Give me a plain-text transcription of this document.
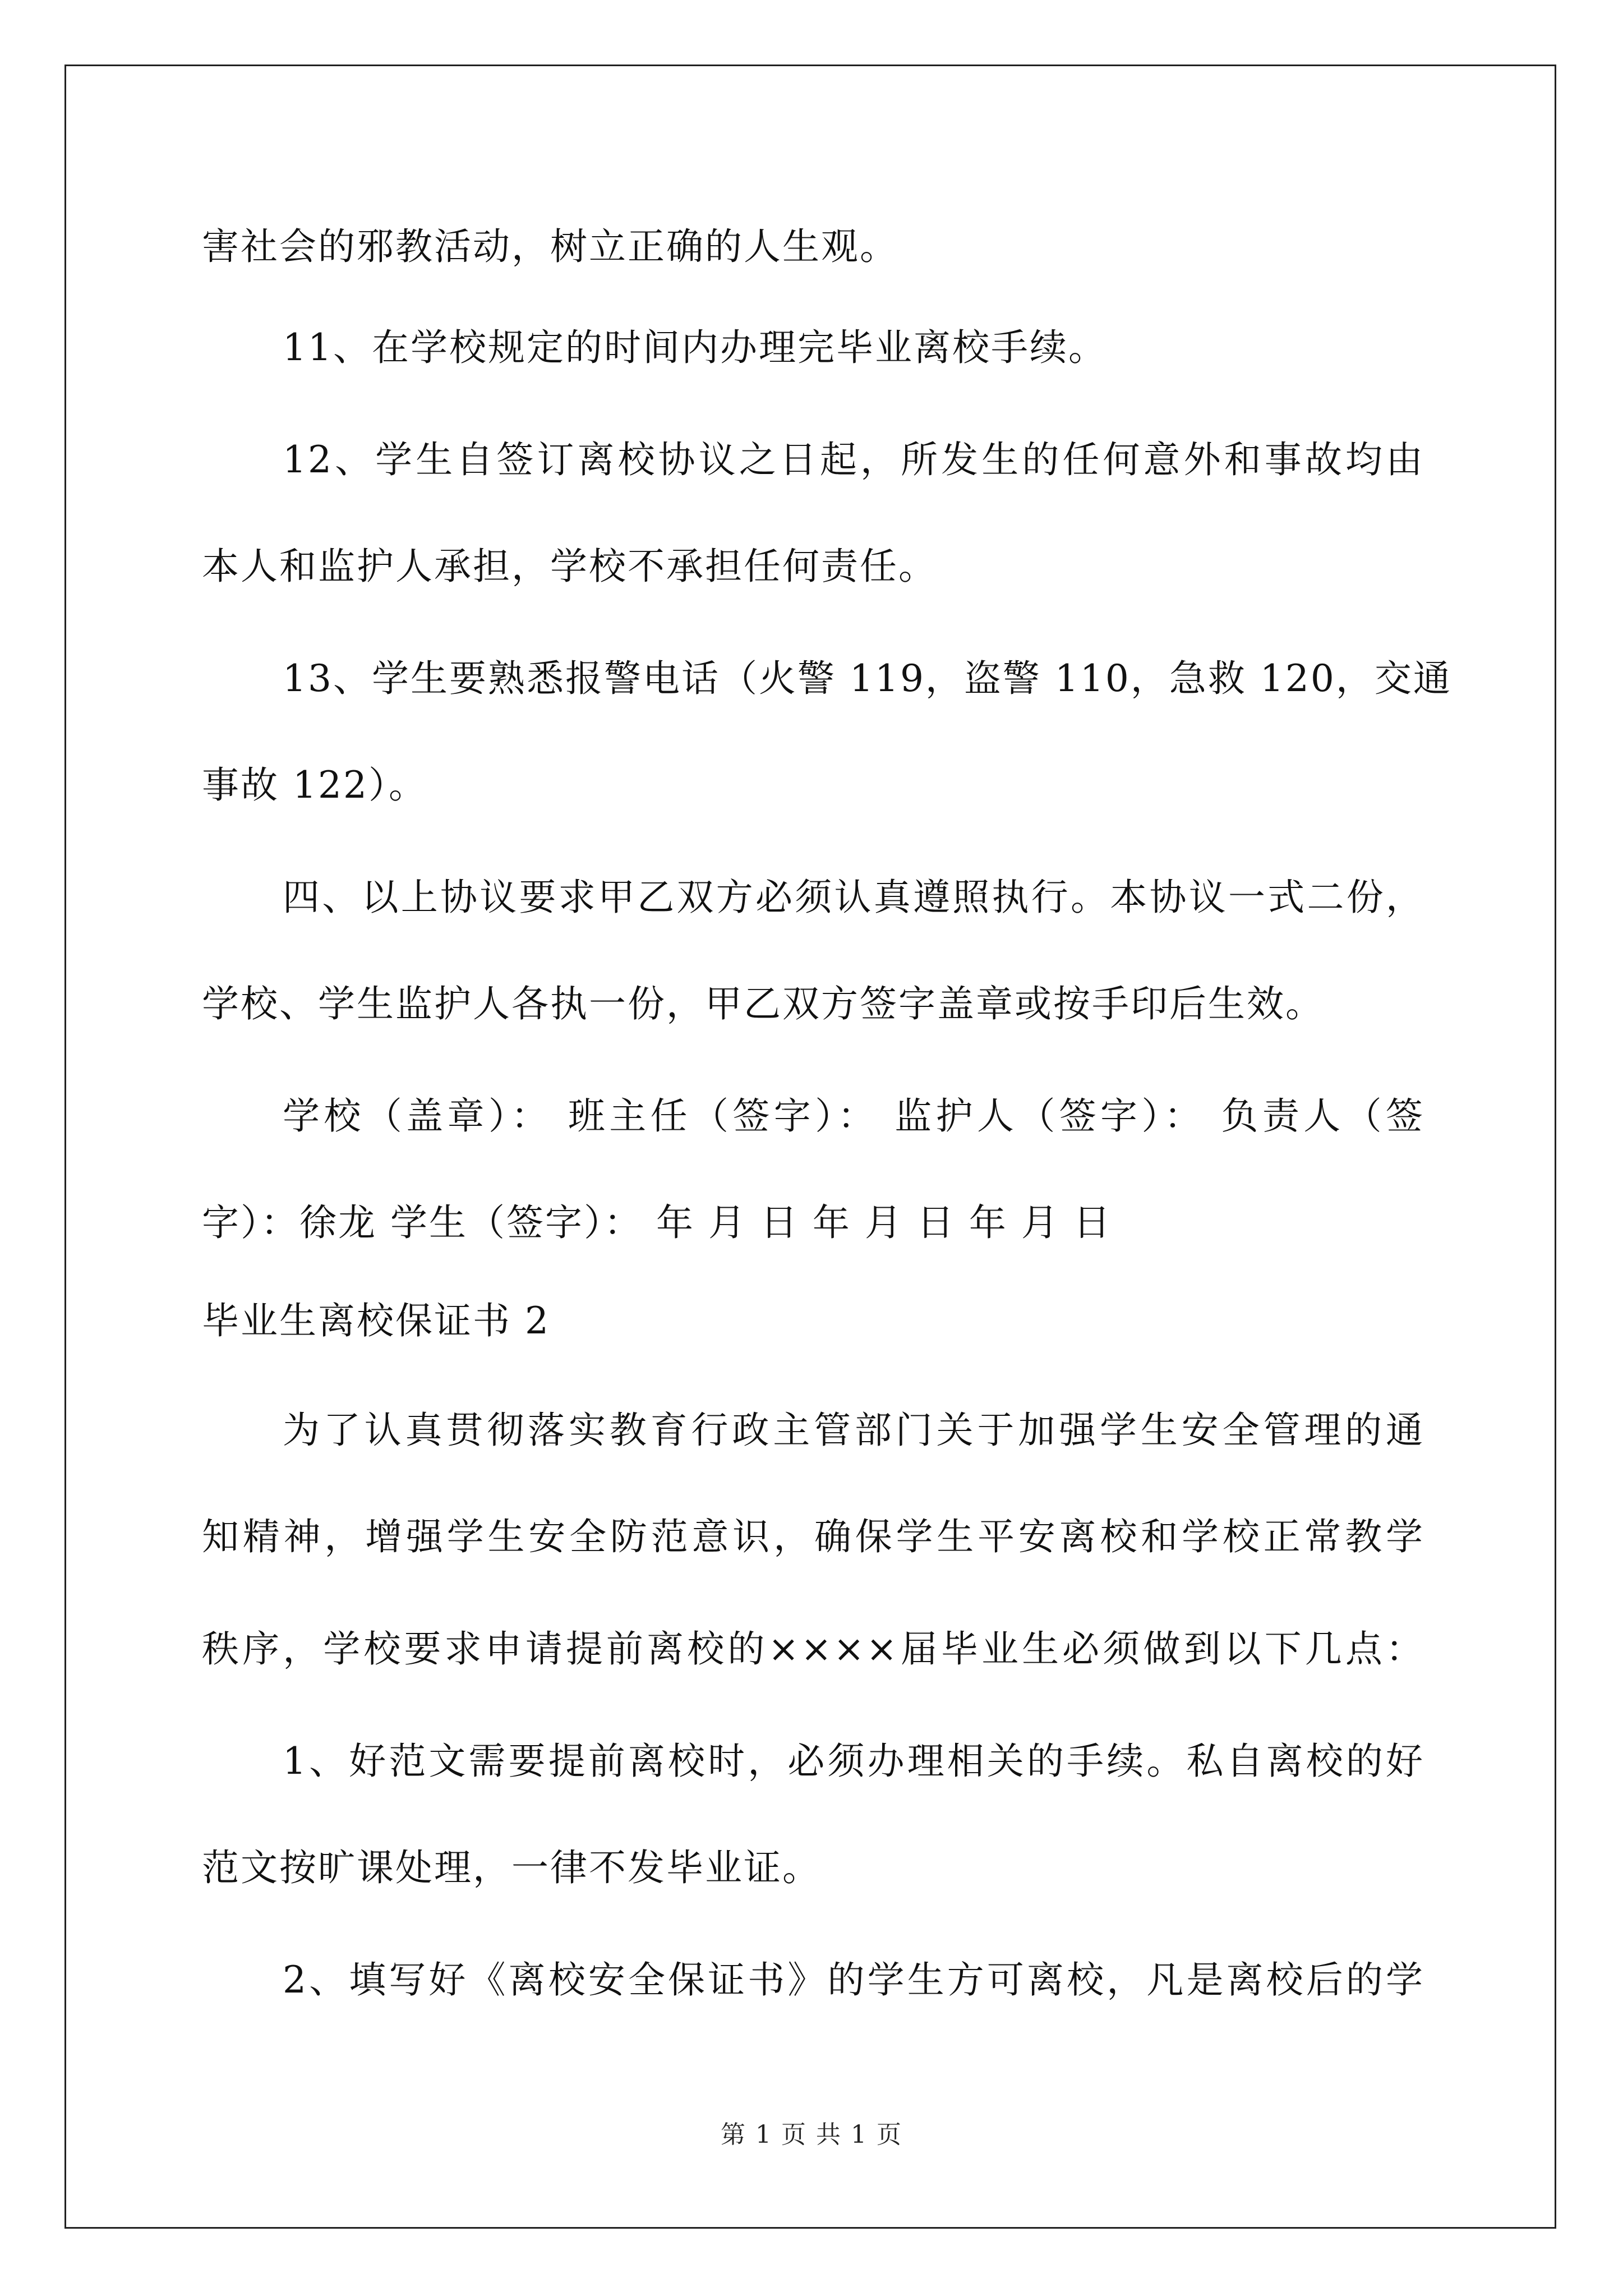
害社会的邪教活动，树立正确的人生观。
11、在学校规定的时间内办理完毕业离校手续。
12、学生自签订离校协议之日起，所发生的任何意外和事故均由
本人和监护人承担，学校不承担任何责任。
13、学生要熟悉报警电话（火警 119，盗警 110，急救 120，交通
事故 122）。
四、以上协议要求甲乙双方必须认真遵照执行。本协议一式二份，
学校、学生监护人各执一份，甲乙双方签字盖章或按手印后生效。
学校（盖章）： 班主任（签字）： 监护人（签字）： 负责人（签
字）：徐龙 学生（签字）： 年 月 日 年 月 日 年 月 日
毕业生离校保证书 2
为了认真贯彻落实教育行政主管部门关于加强学生安全管理的通
知精神，增强学生安全防范意识，确保学生平安离校和学校正常教学
秩序，学校要求申请提前离校的××××届毕业生必须做到以下几点：
1、好范文需要提前离校时，必须办理相关的手续。私自离校的好
范文按旷课处理，一律不发毕业证。
2、填写好《离校安全保证书》的学生方可离校，凡是离校后的学
第 1 页 共 1 页
